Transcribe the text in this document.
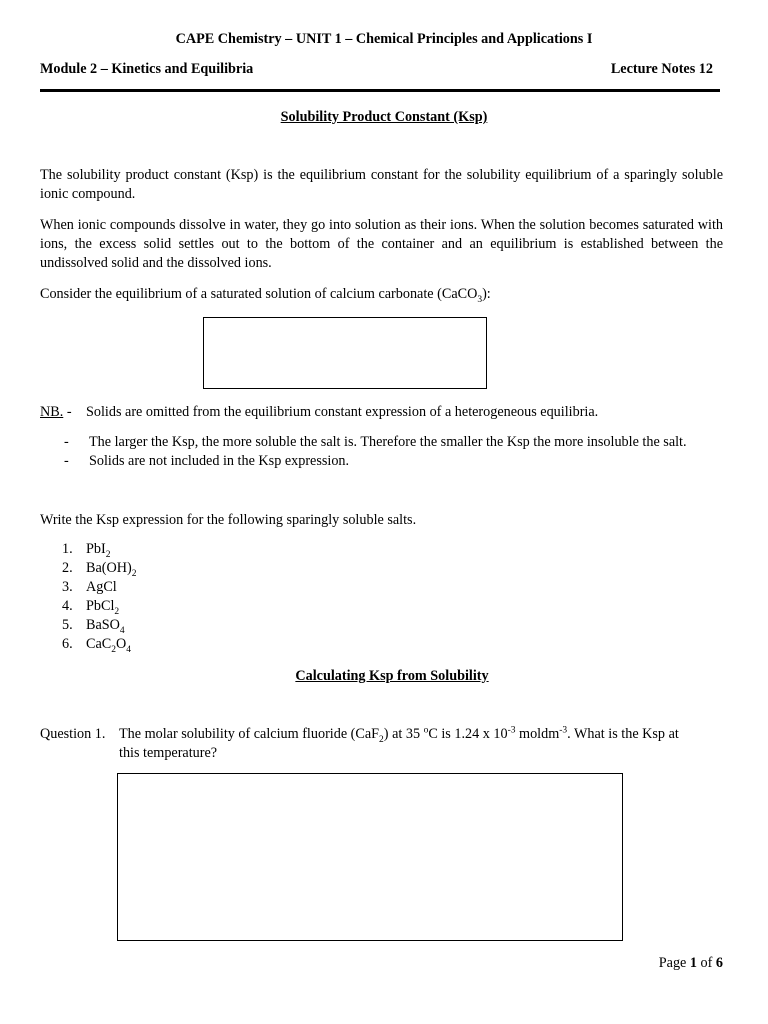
CAPE Chemistry – UNIT 1 – Chemical Principles and Applications I
Module 2 – Kinetics and Equilibria	Lecture Notes 12
Solubility Product Constant (Ksp)
The solubility product constant (Ksp) is the equilibrium constant for the solubility equilibrium of a sparingly soluble ionic compound.
When ionic compounds dissolve in water, they go into solution as their ions. When the solution becomes saturated with ions, the excess solid settles out to the bottom of the container and an equilibrium is established between the undissolved solid and the dissolved ions.
Consider the equilibrium of a saturated solution of calcium carbonate (CaCO$_3$):
NB. - Solids are omitted from the equilibrium constant expression of a heterogeneous equilibria.
- The larger the Ksp, the more soluble the salt is. Therefore the smaller the Ksp the more insoluble the salt.
- Solids are not included in the Ksp expression.
Write the Ksp expression for the following sparingly soluble salts.
1. PbI$_2$
2. $Ba(OH)_2$
3. AgCl
4. PbCl$_2$
5. BaSO$_4$
6. $CaC_2O_4$
Calculating Ksp from Solubility
Question 1. The molar solubility of calcium fluoride (CaF$_2$) at 35 $^o$C is 1.24 x $10^{-3}$ moldm$^{-3}$. What is the Ksp at
this temperature?
Page 1 of 6
